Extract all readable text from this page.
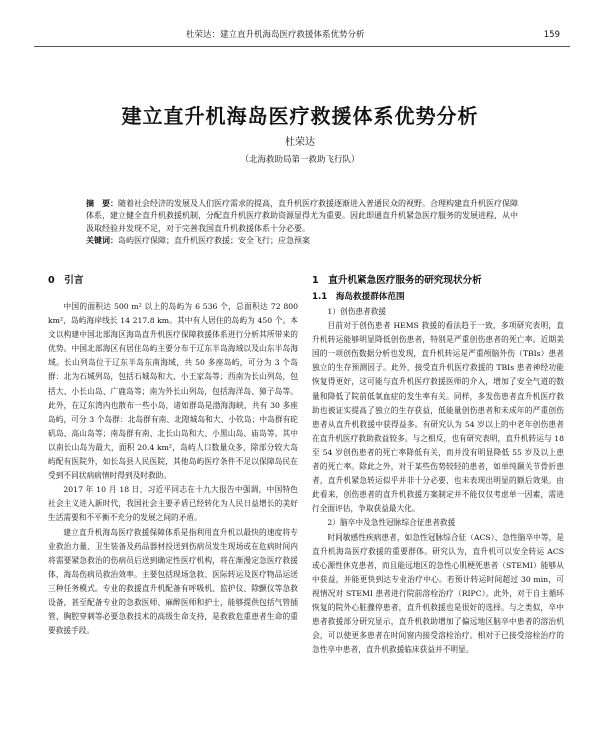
杜荣达：建立直升机海岛医疗救援体系优势分析	159
建立直升机海岛医疗救援体系优势分析
杜荣达
（北海救助局第一救助飞行队）

摘　要：随着社会经济的发展及人们医疗需求的提高，直升机医疗救援逐渐进入普通民众的视野。合理构建直升机医疗保障体系，建立健全直升机救援机制，分配直升机医疗救助资源显得尤为重要。因此即通直升机紧急医疗服务的发展进程，从中汲取经验并发现不足，对于完善我国直升机救援体系十分必要。

关键词：岛屿医疗保障；直升机医疗救援；安全飞行；应急预案

0　引言

中国的面积达 500 m² 以上的岛屿为 6 536 个，总面积达 72 800 km²，岛屿海岸线长 14 217.8 km。其中有人居住的岛屿为 450 个。本文以构建中国北部海区海岛直升机医疗保障救援体系进行分析其所带来的优势。中国北部海区有居住岛屿主要分布于辽东半岛海域以及山东半岛海域。长山列岛位于辽东半岛东南海域，共 50 多座岛屿，可分为 3 个岛群：北为石城列岛，包括石城岛和大、小王家岛等；西南为长山列岛，包括大、小长山岛、广鹿岛等；南为外长山列岛，包括海洋岛、獐子岛等。此外，在辽东湾内也散布一些小岛，诸如群岛是渤海海峡，共有 30 多座岛屿，可分 3 个岛群：北岛群有南、北隍城岛和大、小钦岛；中岛群有砣矶岛、高山岛等；南岛群有南、北长山岛和大、小黑山岛、庙岛等。其中以南长山岛为最大，面积 20.4 km²，岛屿人口数量众多，除部分较大岛屿配有医院外，如长岛县人民医院，其他岛屿医疗条件不足以保障岛民在受到不同状病病情时得到及时救助。

2017 年 10 月 18 日，习近平同志在十九大报告中强调，中国特色社会主义进入新时代，我国社会主要矛盾已经转化为人民日益增长的美好生活需要和不平衡不充分的发展之间的矛盾。

建立直升机海岛医疗救援保障体系是指利用直升机以最快的速度将专业救治力量、卫生装备及药品器材投送到伤病员发生现场或在危病时间内将需要紧急救治的伤病员后送到确定性医疗机构，将在渐漫定急医疗救援体，海岛伤病员救治效率。主要包括现场急救、医际转运及医疗物品运送三种任务模式。专业的救援直升机配备有呼吸机、监护仪、除颤仪等急救设备，甚至配备专业的急救医师、麻醉医师和护士，能够提供包括气管插管、胸腔穿刺等必要急救技术的高级生命支持，是救救危重患者生命的重要救援手段。

1　直升机紧急医疗服务的研究现状分析
1.1　海岛救援群体范围

1）创伤患者救援

目前对于创伤患者 HEMS 救援的看法趋于一致，多项研究表明，直升机转运能够明显降低创伤患者，特别是严重创伤患者的死亡率。近期美国的一项创伤数据分析也发现，直升机转运是严重颅脑外伤（TBIs）患者独立的生存预测因子。此外，接受直升机医疗救援的 TBIs 患者神经功能恢复得更好，这可能与直升机医疗救援医师的介入，增加了安全气道的数量和降低了院前低氧血症的发生率有关。同样，多发伤患者直升机医疗救助也被证实提高了独立的生存获益，低能量创伤患者和未成年的严重创伤患者从直升机救援中获得益多。有研究认为 54 岁以上的中老年创伤患者在直升机医疗救助救益较多。与之相反，也有研究表明，直升机转运与 18 至 54 岁创伤患者的死亡率降低有关，而并没有明显降低 55 岁及以上患者的死亡率。除此之外，对于某些伤势较轻的患者，如单纯颞关节骨折患者，直升机紧急转运似乎并非十分必要，也未表现出明显的额后效果。由此看来，创伤患者的直升机救援方案制定并不能仅仅考虑单一因素，需进行全面评估，争取获益最大化。

2）脑卒中及急性冠脉综合征患者救援

时间敏感性疾病患者，如急性冠脉综合征（ACS）、急性脑卒中等，是直升机海岛医疗救援的重要群体。研究认为，直升机可以安全转运 ACS 或心源性休克患者，而且能远地区的急性心肌梗死患者（STEMI）能够从中获益，并能更快到达专业治疗中心。若预计转运时间超过 30 min，可视情况对 STEMI 患者进行院前溶栓治疗（RIPC）。此外，对于自主循环恢复的院外心脏骤停患者，直升机救援也是很好的选择。与之类似，卒中患者救援部分研究显示，直升机救助增加了偏远地区脑卒中患者的溶治机会，可以使更多患者在时间窗内接受溶栓治疗。相对于已接受溶栓治疗的急性卒中患者，直升机救援临床获益并不明显。
